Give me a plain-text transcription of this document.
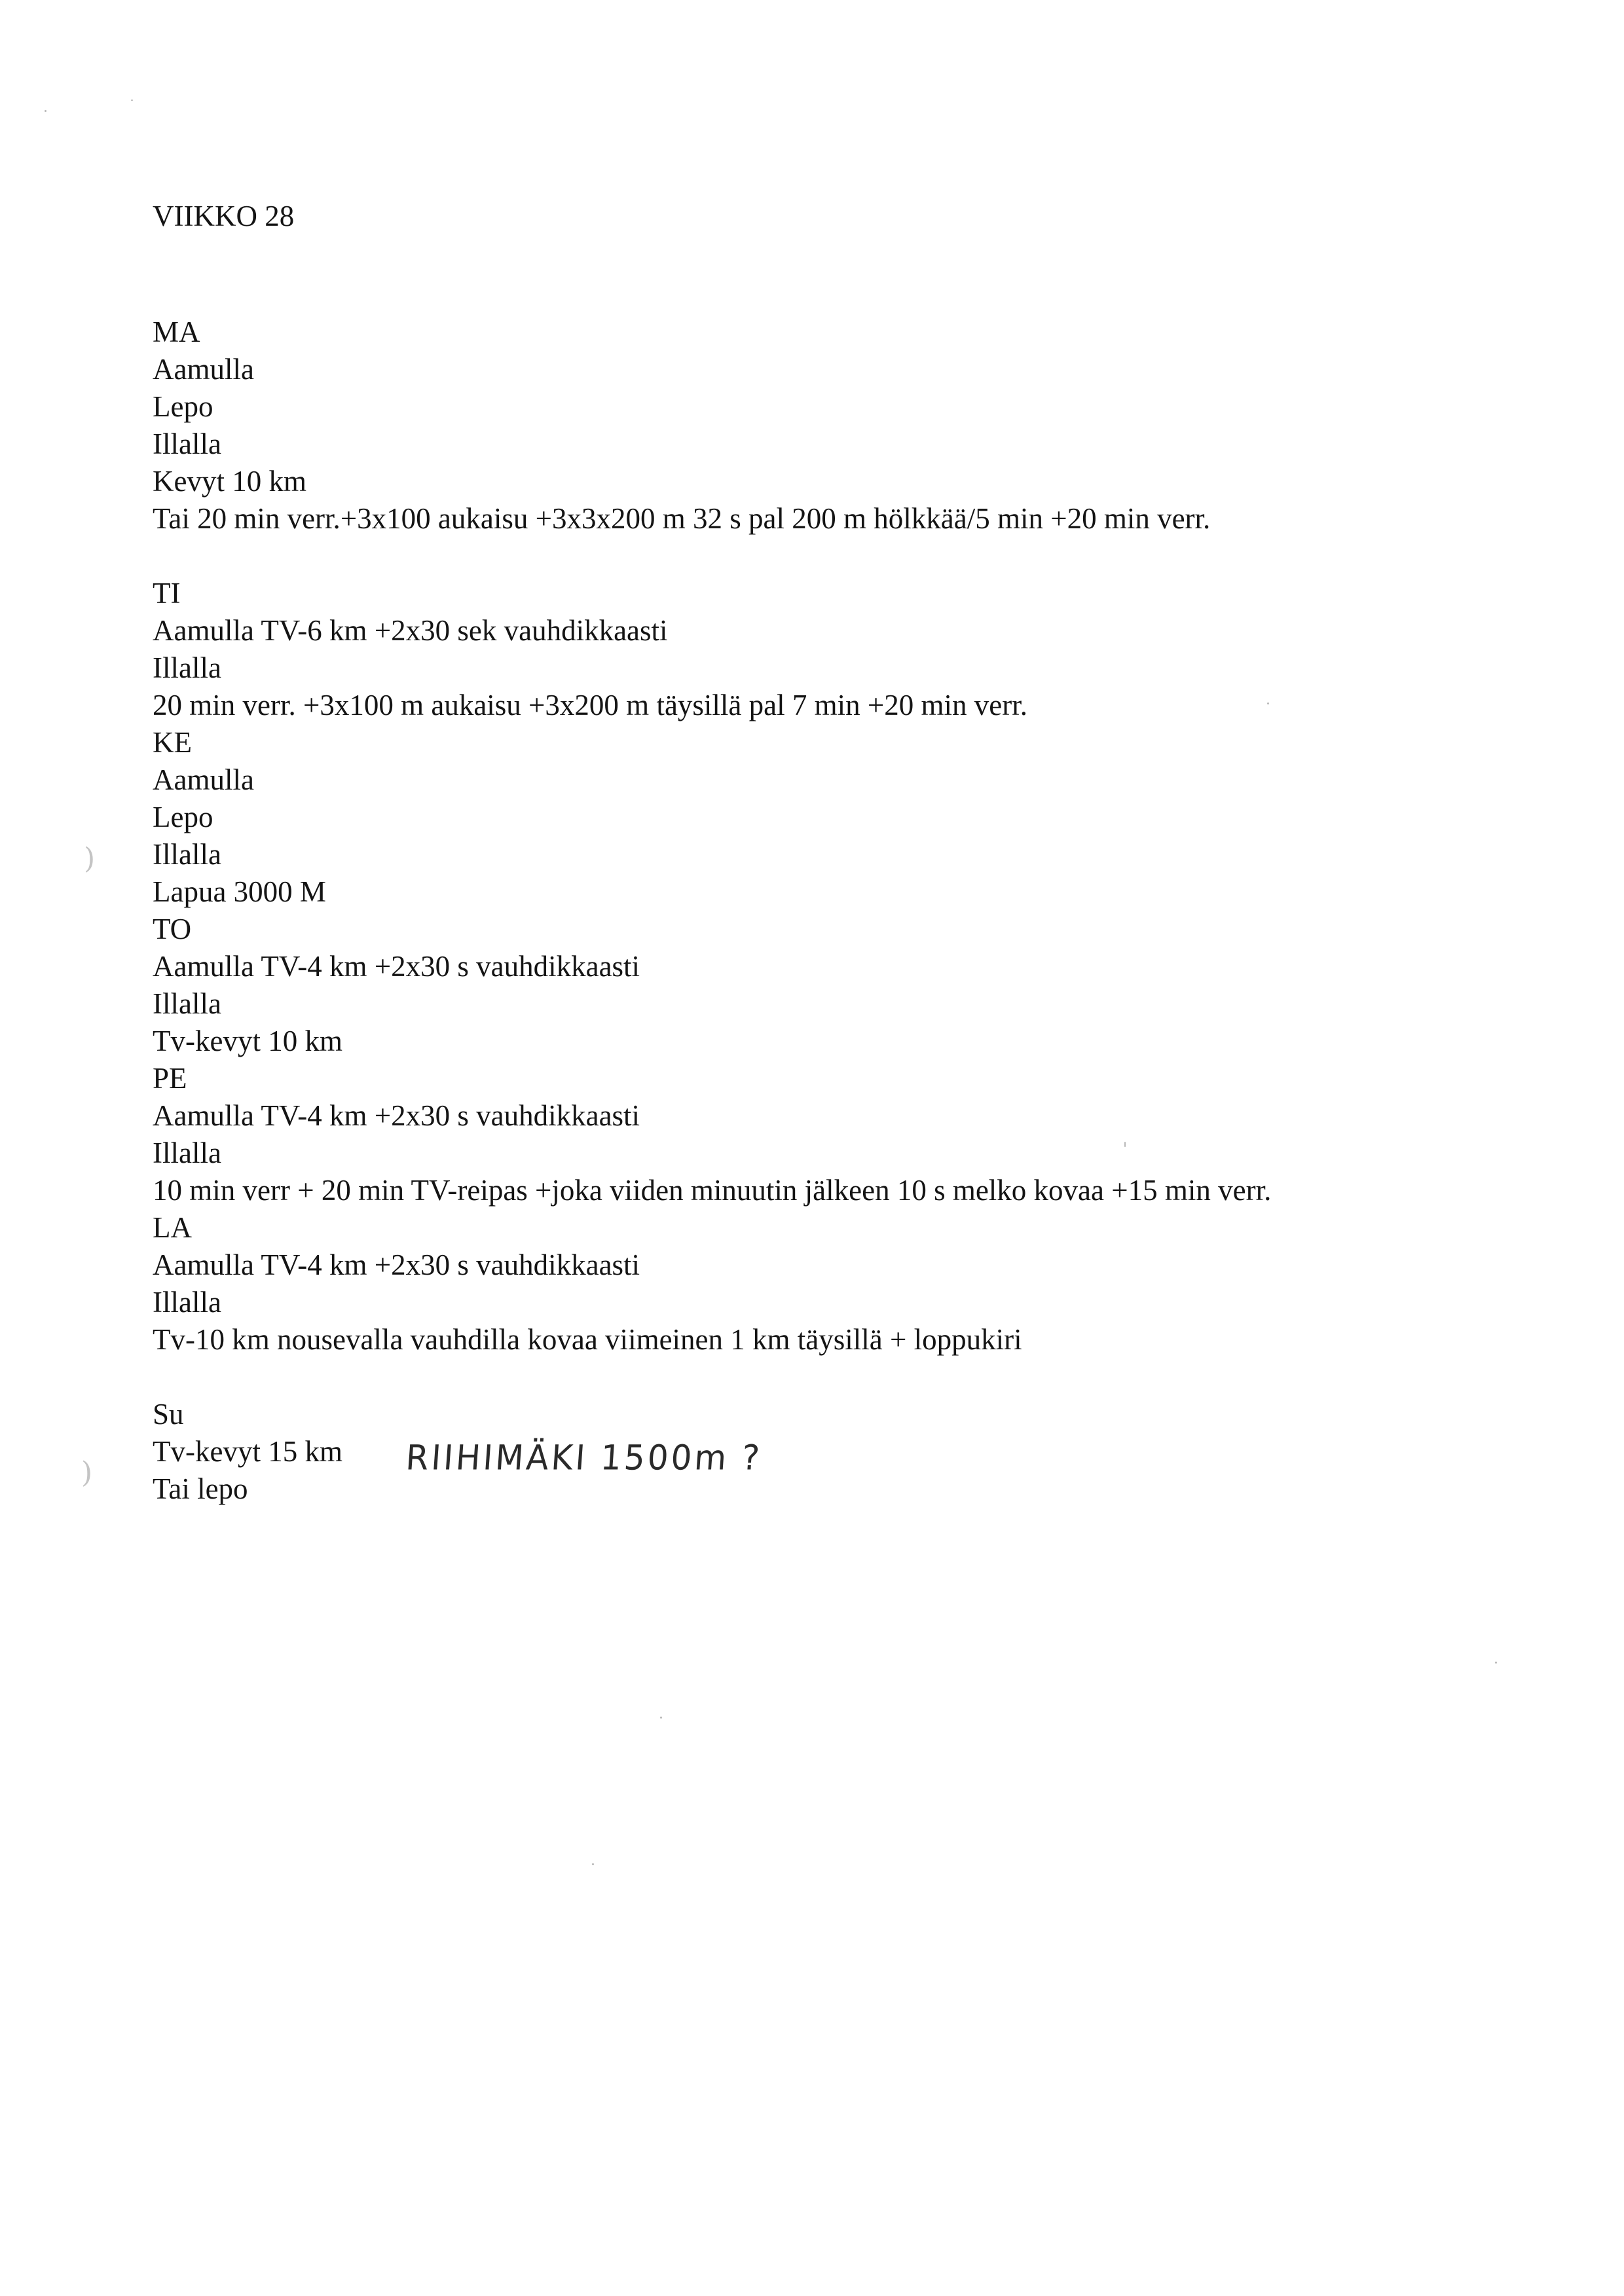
VIIKKO 28
MA
Aamulla
Lepo
Illalla
Kevyt 10 km
Tai 20 min verr.+3x100 aukaisu +3x3x200 m 32 s pal 200 m hölkkää/5 min +20 min verr.
TI
Aamulla TV-6 km +2x30 sek vauhdikkaasti
Illalla
20 min verr. +3x100 m aukaisu +3x200 m täysillä pal 7 min +20 min verr.
KE
Aamulla
Lepo
Illalla
Lapua 3000 M
TO
Aamulla TV-4 km +2x30 s vauhdikkaasti
Illalla
Tv-kevyt 10 km
PE
Aamulla TV-4 km +2x30 s vauhdikkaasti
Illalla
10 min verr + 20 min TV-reipas +joka viiden minuutin jälkeen 10 s melko kovaa +15 min verr.
LA
Aamulla TV-4 km +2x30 s vauhdikkaasti
Illalla
Tv-10 km nousevalla vauhdilla kovaa viimeinen 1 km täysillä + loppukiri
Su
Tv-kevyt 15 km
Tai lepo
RIIHIMÄKI 1500m ?
)
)
